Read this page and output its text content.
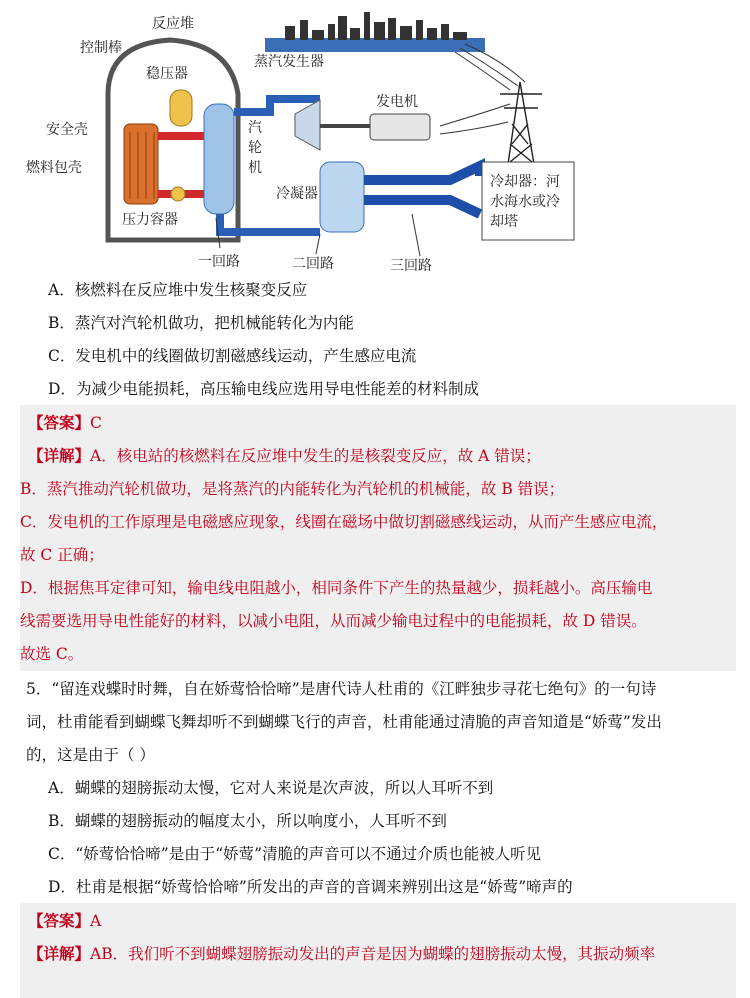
反应堆
控制棒
稳压器
蒸汽发生器
安全壳
燃料包壳
压力容器
汽
轮
机
发电机
冷凝器
冷却器：河
水海水或冷
却塔
一回路	二回路	三回路
A．核燃料在反应堆中发生核聚变反应
B．蒸汽对汽轮机做功，把机械能转化为内能
C．发电机中的线圈做切割磁感线运动，产生感应电流
D．为减少电能损耗，高压输电线应选用导电性能差的材料制成
【答案】C
【详解】A．核电站的核燃料在反应堆中发生的是核裂变反应，故 A 错误；
B．蒸汽推动汽轮机做功，是将蒸汽的内能转化为汽轮机的机械能，故 B 错误；
C．发电机的工作原理是电磁感应现象，线圈在磁场中做切割磁感线运动，从而产生感应电流，
故 C 正确；
D．根据焦耳定律可知，输电线电阻越小，相同条件下产生的热量越少，损耗越小。高压输电
线需要选用导电性能好的材料，以减小电阻，从而减少输电过程中的电能损耗，故 D 错误。
故选 C。
5．“留连戏蝶时时舞，自在娇莺恰恰啼”是唐代诗人杜甫的《江畔独步寻花七绝句》的一句诗
词，杜甫能看到蝴蝶飞舞却听不到蝴蝶飞行的声音，杜甫能通过清脆的声音知道是“娇莺”发出
的，这是由于（ ）
A．蝴蝶的翅膀振动太慢，它对人来说是次声波，所以人耳听不到
B．蝴蝶的翅膀振动的幅度太小，所以响度小，人耳听不到
C．“娇莺恰恰啼”是由于“娇莺”清脆的声音可以不通过介质也能被人听见
D．杜甫是根据“娇莺恰恰啼”所发出的声音的音调来辨别出这是“娇莺”啼声的
【答案】A
【详解】AB．我们听不到蝴蝶翅膀振动发出的声音是因为蝴蝶的翅膀振动太慢，其振动频率
